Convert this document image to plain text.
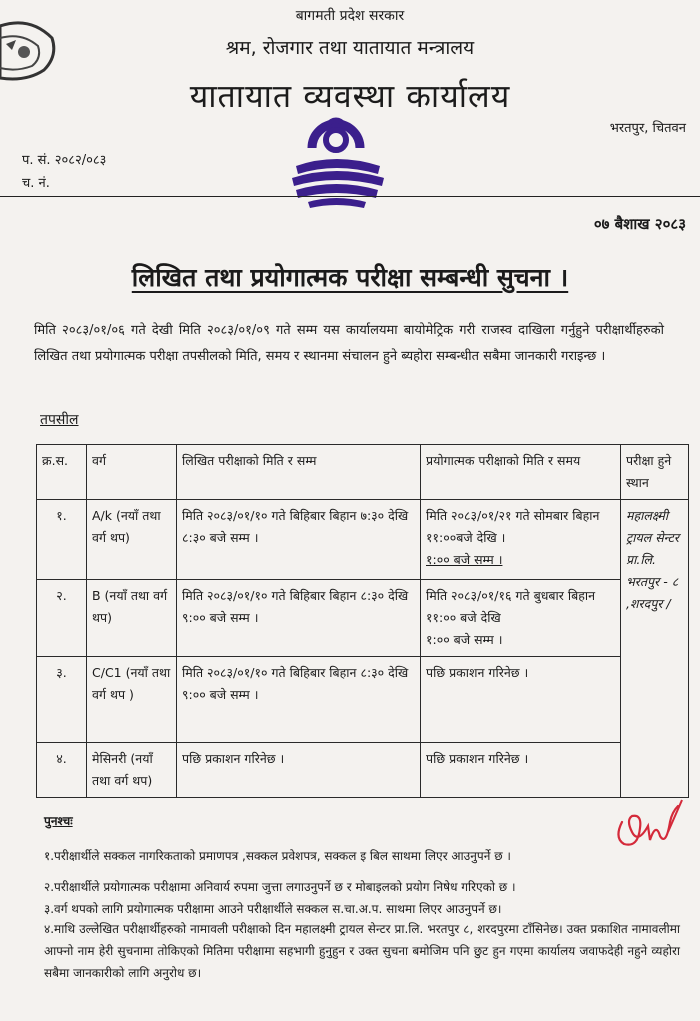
बागमती प्रदेश सरकार
श्रम, रोजगार तथा यातायात मन्त्रालय
यातायात व्यवस्था कार्यालय
भरतपुर, चितवन
प. सं. २०८२/०८३
च. नं.
०७ बैशाख २०८३
लिखित तथा प्रयोगात्मक परीक्षा सम्बन्धी सुचना ।
मिति २०८३/०१/०६ गते देखी मिति २०८३/०१/०९ गते सम्म यस कार्यालयमा बायोमेट्रिक गरी राजस्व दाखिला गर्नुहुने परीक्षार्थीहरुको लिखित तथा प्रयोगात्मक परीक्षा तपसीलको मिति, समय र स्थानमा संचालन हुने ब्यहोरा सम्बन्धीत सबैमा जानकारी गराइन्छ ।
तपसील
क्र.स.	वर्ग	लिखित परीक्षाको मिति र सम्म	प्रयोगात्मक परीक्षाको मिति र समय	परीक्षा हुने स्थान
१.	A/k (नयाँ तथा वर्ग थप)	मिति २०८३/०१/१० गते बिहिबार बिहान ७:३० देखि ८:३० बजे सम्म ।	मिति २०८३/०१/२१ गते सोमबार बिहान ११:००बजे देखि ।
१:०० बजे सम्म ।	महालक्ष्मी ट्रायल सेन्टर प्रा.लि. भरतपुर - ८ ,शरदपुर /
२.	B (नयाँ तथा वर्ग थप)	मिति २०८३/०१/१० गते बिहिबार बिहान ८:३० देखि ९:०० बजे सम्म ।	मिति २०८३/०१/१६ गते बुधबार बिहान ११:०० बजे देखि
१:०० बजे सम्म ।	
३.	C/C1 (नयाँ तथा वर्ग थप )	मिति २०८३/०१/१० गते बिहिबार बिहान ८:३० देखि ९:०० बजे सम्म ।	पछि प्रकाशन गरिनेछ ।	
४.	मेसिनरी (नयाँ तथा वर्ग थप)	पछि प्रकाशन गरिनेछ ।	पछि प्रकाशन गरिनेछ ।	
पुनश्चः
१.परीक्षार्थीले सक्कल नागरिकताको प्रमाणपत्र ,सक्कल प्रवेशपत्र, सक्कल इ बिल साथमा लिएर आउनुपर्ने छ ।
२.परीक्षार्थीले प्रयोगात्मक परीक्षामा अनिवार्य रुपमा जुत्ता लगाउनुपर्ने छ र मोबाइलको प्रयोग निषेध गरिएको छ ।
३.वर्ग थपको लागि प्रयोगात्मक परीक्षामा आउने परीक्षार्थीले सक्कल स.चा.अ.प. साथमा लिएर आउनुपर्ने छ।
४.माथि उल्लेखित परीक्षार्थीहरुको नामावली परीक्षाको दिन महालक्ष्मी ट्रायल सेन्टर प्रा.लि. भरतपुर ८, शरदपुरमा टाँसिनेछ। उक्त प्रकाशित नामावलीमा आफ्नो नाम हेरी सुचनामा तोकिएको मितिमा परीक्षामा सहभागी हुनुहुन र उक्त सुचना बमोजिम पनि छुट हुन गएमा कार्यालय जवाफदेही नहुने व्यहोरा सबैमा जानकारीको लागि अनुरोध छ।
